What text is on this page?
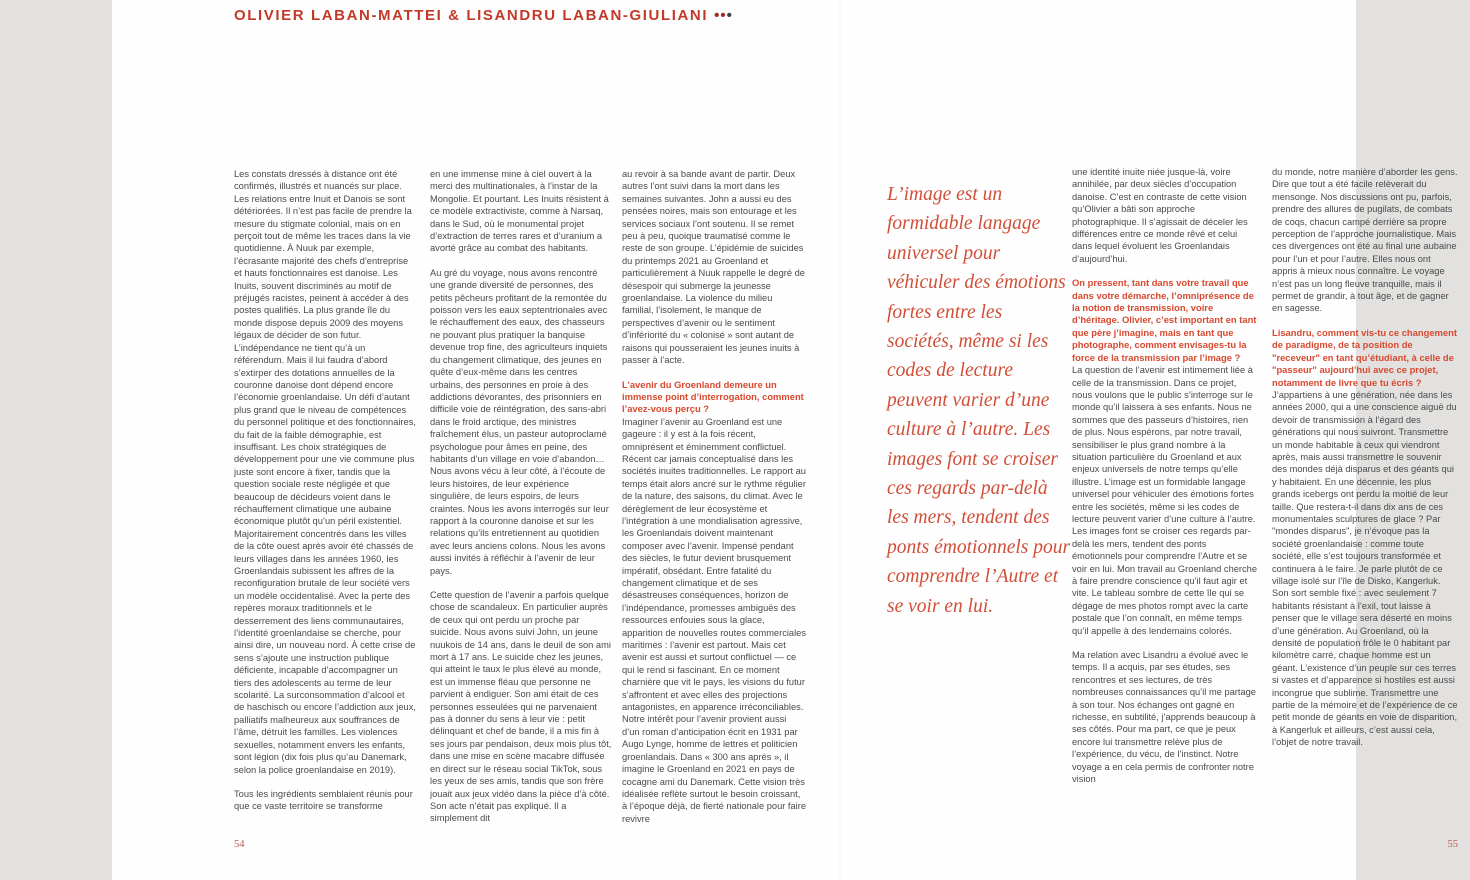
OLIVIER LABAN-MATTEI & LISANDRU LABAN-GIULIANI •••

Les constats dressés à distance ont été confirmés, illustrés et nuancés sur place. Les relations entre Inuit et Danois se sont détériorées. Il n’est pas facile de prendre la mesure du stigmate colonial, mais on en perçoit tout de même les traces dans la vie quotidienne. À Nuuk par exemple, l’écrasante majorité des chefs d’entreprise et hauts fonctionnaires est danoise. Les Inuits, souvent discriminés au motif de préjugés racistes, peinent à accéder à des postes qualifiés. La plus grande île du monde dispose depuis 2009 des moyens légaux de décider de son futur. L’indépendance ne tient qu’à un référendum. Mais il lui faudra d’abord s’extirper des dotations annuelles de la couronne danoise dont dépend encore l’économie groenlandaise. Un défi d’autant plus grand que le niveau de compétences du personnel politique et des fonctionnaires, du fait de la faible démographie, est insuffisant. Les choix stratégiques de développement pour une vie commune plus juste sont encore à fixer, tandis que la question sociale reste négligée et que beaucoup de décideurs voient dans le réchauffement climatique une aubaine économique plutôt qu’un péril existentiel. Majoritairement concentrés dans les villes de la côte ouest après avoir été chassés de leurs villages dans les années 1960, les Groenlandais subissent les affres de la reconfiguration brutale de leur société vers un modèle occidentalisé. Avec la perte des repères moraux traditionnels et le desserrement des liens communautaires, l’identité groenlandaise se cherche, pour ainsi dire, un nouveau nord. À cette crise de sens s’ajoute une instruction publique déficiente, incapable d’accompagner un tiers des adolescents au terme de leur scolarité. La surconsommation d’alcool et de haschisch ou encore l’addiction aux jeux, palliatifs malheureux aux souffrances de l’âme, détruit les familles. Les violences sexuelles, notamment envers les enfants, sont légion (dix fois plus qu’au Danemark, selon la police groenlandaise en 2019).

Tous les ingrédients semblaient réunis pour que ce vaste territoire se transforme

en une immense mine à ciel ouvert à la merci des multinationales, à l’instar de la Mongolie. Et pourtant. Les Inuits résistent à ce modèle extractiviste, comme à Narsaq, dans le Sud, où le monumental projet d’extraction de terres rares et d’uranium a avorté grâce au combat des habitants.

Au gré du voyage, nous avons rencontré une grande diversité de personnes, des petits pêcheurs profitant de la remontée du poisson vers les eaux septentrionales avec le réchauffement des eaux, des chasseurs ne pouvant plus pratiquer la banquise devenue trop fine, des agriculteurs inquiets du changement climatique, des jeunes en quête d’eux-même dans les centres urbains, des personnes en proie à des addictions dévorantes, des prisonniers en difficile voie de réintégration, des sans-abri dans le froid arctique, des ministres fraîchement élus, un pasteur autoproclamé psychologue pour âmes en peine, des habitants d’un village en voie d’abandon… Nous avons vécu à leur côté, à l’écoute de leurs histoires, de leur expérience singulière, de leurs espoirs, de leurs craintes. Nous les avons interrogés sur leur rapport à la couronne danoise et sur les relations qu’ils entretiennent au quotidien avec leurs anciens colons. Nous les avons aussi invités à réfléchir à l’avenir de leur pays.

Cette question de l’avenir a parfois quelque chose de scandaleux. En particulier auprès de ceux qui ont perdu un proche par suicide. Nous avons suivi John, un jeune nuukois de 14 ans, dans le deuil de son ami mort à 17 ans. Le suicide chez les jeunes, qui atteint le taux le plus élevé au monde, est un immense fléau que personne ne parvient à endiguer. Son ami était de ces personnes esseulées qui ne parvenaient pas à donner du sens à leur vie : petit délinquant et chef de bande, il a mis fin à ses jours par pendaison, deux mois plus tôt, dans une mise en scène macabre diffusée en direct sur le réseau social TikTok, sous les yeux de ses amis, tandis que son frère jouait aux jeux vidéo dans la pièce d’à côté. Son acte n’était pas expliqué. Il a simplement dit

au revoir à sa bande avant de partir. Deux autres l’ont suivi dans la mort dans les semaines suivantes. John a aussi eu des pensées noires, mais son entourage et les services sociaux l’ont soutenu. Il se remet peu à peu, quoique traumatisé comme le reste de son groupe. L’épidémie de suicides du printemps 2021 au Groenland et particulièrement à Nuuk rappelle le degré de désespoir qui submerge la jeunesse groenlandaise. La violence du milieu familial, l’isolement, le manque de perspectives d’avenir ou le sentiment d’infériorité du « colonisé » sont autant de raisons qui pousseraient les jeunes inuits à passer à l’acte.

L’avenir du Groenland demeure un immense point d’interrogation, comment l’avez-vous perçu ?

Imaginer l’avenir au Groenland est une gageure : il y est à la fois récent, omniprésent et éminemment conflictuel. Récent car jamais conceptualisé dans les sociétés inuites traditionnelles. Le rapport au temps était alors ancré sur le rythme régulier de la nature, des saisons, du climat. Avec le dérèglement de leur écosystème et l’intégration à une mondialisation agressive, les Groenlandais doivent maintenant composer avec l’avenir. Impensé pendant des siècles, le futur devient brusquement impératif, obsédant. Entre fatalité du changement climatique et de ses désastreuses conséquences, horizon de l’indépendance, promesses ambiguës des ressources enfouies sous la glace, apparition de nouvelles routes commerciales maritimes : l’avenir est partout. Mais cet avenir est aussi et surtout conflictuel — ce qui le rend si fascinant. En ce moment charnière que vit le pays, les visions du futur s’affrontent et avec elles des projections antagonistes, en apparence irréconciliables. Notre intérêt pour l’avenir provient aussi d’un roman d’anticipation écrit en 1931 par Augo Lynge, homme de lettres et politicien groenlandais. Dans « 300 ans après », il imagine le Groenland en 2021 en pays de cocagne ami du Danemark. Cette vision très idéalisée reflète surtout le besoin croissant, à l’époque déjà, de fierté nationale pour faire revivre

L’image est un formidable langage universel pour véhiculer des émotions fortes entre les sociétés, même si les codes de lecture peuvent varier d’une culture à l’autre. Les images font se croiser ces regards par-delà les mers, tendent des ponts émotionnels pour comprendre l’Autre et se voir en lui.

une identité inuite niée jusque-là, voire annihilée, par deux siècles d’occupation danoise. C’est en contraste de cette vision qu’Olivier a bâti son approche photographique. Il s’agissait de déceler les différences entre ce monde rêvé et celui dans lequel évoluent les Groenlandais d’aujourd’hui.

On pressent, tant dans votre travail que dans votre démarche, l’omniprésence de la notion de transmission, voire d’héritage. Olivier, c’est important en tant que père j’imagine, mais en tant que photographe, comment envisages-tu la force de la transmission par l’image ?

La question de l’avenir est intimement liée à celle de la transmission. Dans ce projet, nous voulons que le public s’interroge sur le monde qu’il laissera à ses enfants. Nous ne sommes que des passeurs d’histoires, rien de plus. Nous espérons, par notre travail, sensibiliser le plus grand nombre à la situation particulière du Groenland et aux enjeux universels de notre temps qu’elle illustre. L’image est un formidable langage universel pour véhiculer des émotions fortes entre les sociétés, même si les codes de lecture peuvent varier d’une culture à l’autre. Les images font se croiser ces regards par-delà les mers, tendent des ponts émotionnels pour comprendre l’Autre et se voir en lui. Mon travail au Groenland cherche à faire prendre conscience qu’il faut agir et vite. Le tableau sombre de cette île qui se dégage de mes photos rompt avec la carte postale que l’on connaît, en même temps qu’il appelle à des lendemains colorés.

Ma relation avec Lisandru a évolué avec le temps. Il a acquis, par ses études, ses rencontres et ses lectures, de très nombreuses connaissances qu’il me partage à son tour. Nos échanges ont gagné en richesse, en subtilité, j’apprends beaucoup à ses côtés. Pour ma part, ce que je peux encore lui transmettre relève plus de l’expérience, du vécu, de l’instinct. Notre voyage a en cela permis de confronter notre vision

du monde, notre manière d’aborder les gens. Dire que tout a été facile relèverait du mensonge. Nos discussions ont pu, parfois, prendre des allures de pugilats, de combats de coqs, chacun campé derrière sa propre perception de l’approche journalistique. Mais ces divergences ont été au final une aubaine pour l’un et pour l’autre. Elles nous ont appris à mieux nous connaître. Le voyage n’est pas un long fleuve tranquille, mais il permet de grandir, à tout âge, et de gagner en sagesse.

Lisandru, comment vis-tu ce changement de paradigme, de ta position de "receveur" en tant qu’étudiant, à celle de "passeur" aujourd’hui avec ce projet, notamment de livre que tu écris ?

J’appartiens à une génération, née dans les années 2000, qui a une conscience aiguë du devoir de transmission à l’égard des générations qui nous suivront. Transmettre un monde habitable à ceux qui viendront après, mais aussi transmettre le souvenir des mondes déjà disparus et des géants qui y habitaient. En une décennie, les plus grands icebergs ont perdu la moitié de leur taille. Que restera-t-il dans dix ans de ces monumentales sculptures de glace ? Par "mondes disparus", je n’évoque pas la société groenlandaise : comme toute société, elle s’est toujours transformée et continuera à le faire. Je parle plutôt de ce village isolé sur l’île de Disko, Kangerluk. Son sort semble fixé : avec seulement 7 habitants résistant à l’exil, tout laisse à penser que le village sera déserté en moins d’une génération. Au Groenland, où la densité de population frôle le 0 habitant par kilomètre carré, chaque homme est un géant. L’existence d’un peuple sur ces terres si vastes et d’apparence si hostiles est aussi incongrue que sublime. Transmettre une partie de la mémoire et de l’expérience de ce petit monde de géants en voie de disparition, à Kangerluk et ailleurs, c’est aussi cela, l’objet de notre travail.

54	55
